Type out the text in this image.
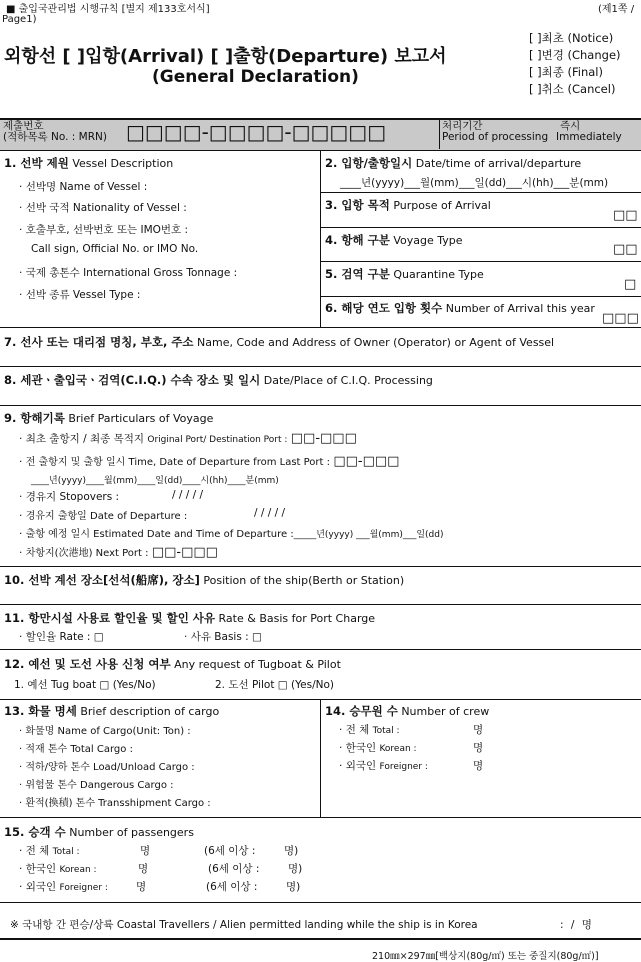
■ 출입국관리법 시행규칙 [별지 제133호서식]	(제1쪽 /
Page1)
외항선 [ ]입항(Arrival) [ ]출항(Departure) 보고서
(General Declaration)
[ ]최초 (Notice)
[ ]변경 (Change)
[ ]최종 (Final)
[ ]취소 (Cancel)
제출번호
(적하목록 No. : MRN) □□□□-□□□□-□□□□□	처리기간
Period of processing
즉시
Immediately
1. 선박 제원 Vessel Description
· 선박명 Name of Vessel :
· 선박 국적 Nationality of Vessel :
· 호출부호, 선박번호 또는 IMO번호 :
Call sign, Official No. or IMO No.
· 국제 총톤수 International Gross Tonnage :
· 선박 종류 Vessel Type :
2. 입항/출항일시 Date/time of arrival/departure
____년(yyyy)___월(mm)___일(dd)___시(hh)___분(mm)
3. 입항 목적 Purpose of Arrival
□□
4. 항해 구분 Voyage Type
□□
5. 검역 구분 Quarantine Type
□
6. 해당 연도 입항 횟수 Number of Arrival this year
□□□
7. 선사 또는 대리점 명칭, 부호, 주소 Name, Code and Address of Owner (Operator) or Agent of Vessel
8. 세관ㆍ출입국ㆍ검역(C.I.Q.) 수속 장소 및 일시 Date/Place of C.I.Q. Processing
9. 항해기록 Brief Particulars of Voyage
· 최초 출항지 / 최종 목적지 Original Port/ Destination Port : □□-□□□
· 전 출항지 및 출항 일시 Time, Date of Departure from Last Port : □□-□□□
____년(yyyy)____월(mm)____일(dd)____시(hh)____분(mm)
· 경유지 Stopovers :	/ / / / /
· 경유지 출항일 Date of Departure :	/ / / / /
· 출항 예정 일시 Estimated Date and Time of Departure :_____년(yyyy) ___월(mm)___일(dd)
· 차항지(次港地) Next Port : □□-□□□
10. 선박 계선 장소[선석(船席), 장소] Position of the ship(Berth or Station)
11. 항만시설 사용료 할인율 및 할인 사유 Rate & Basis for Port Charge
· 할인율 Rate : □	· 사유 Basis : □
12. 예선 및 도선 사용 신청 여부 Any request of Tugboat & Pilot
1. 예선 Tug boat □ (Yes/No)	2. 도선 Pilot □ (Yes/No)
13. 화물 명세 Brief description of cargo
· 화물명 Name of Cargo(Unit: Ton) :
· 적재 톤수 Total Cargo :
· 적하/양하 톤수 Load/Unload Cargo :
· 위험물 톤수 Dangerous Cargo :
· 환적(換積) 톤수 Transshipment Cargo :
14. 승무원 수 Number of crew
· 전 체 Total :	명
· 한국인 Korean :	명
· 외국인 Foreigner :	명
15. 승객 수 Number of passengers
· 전 체 Total :	명	(6세 이상 :	명)
· 한국인 Korean :	명	(6세 이상 :	명)
· 외국인 Foreigner :	명	(6세 이상 :	명)
※ 국내항 간 편승/상륙 Coastal Travellers / Alien permitted landing while the ship is in Korea	: / 명
210㎜×297㎜[백상지(80g/㎡) 또는 중질지(80g/㎡)]
